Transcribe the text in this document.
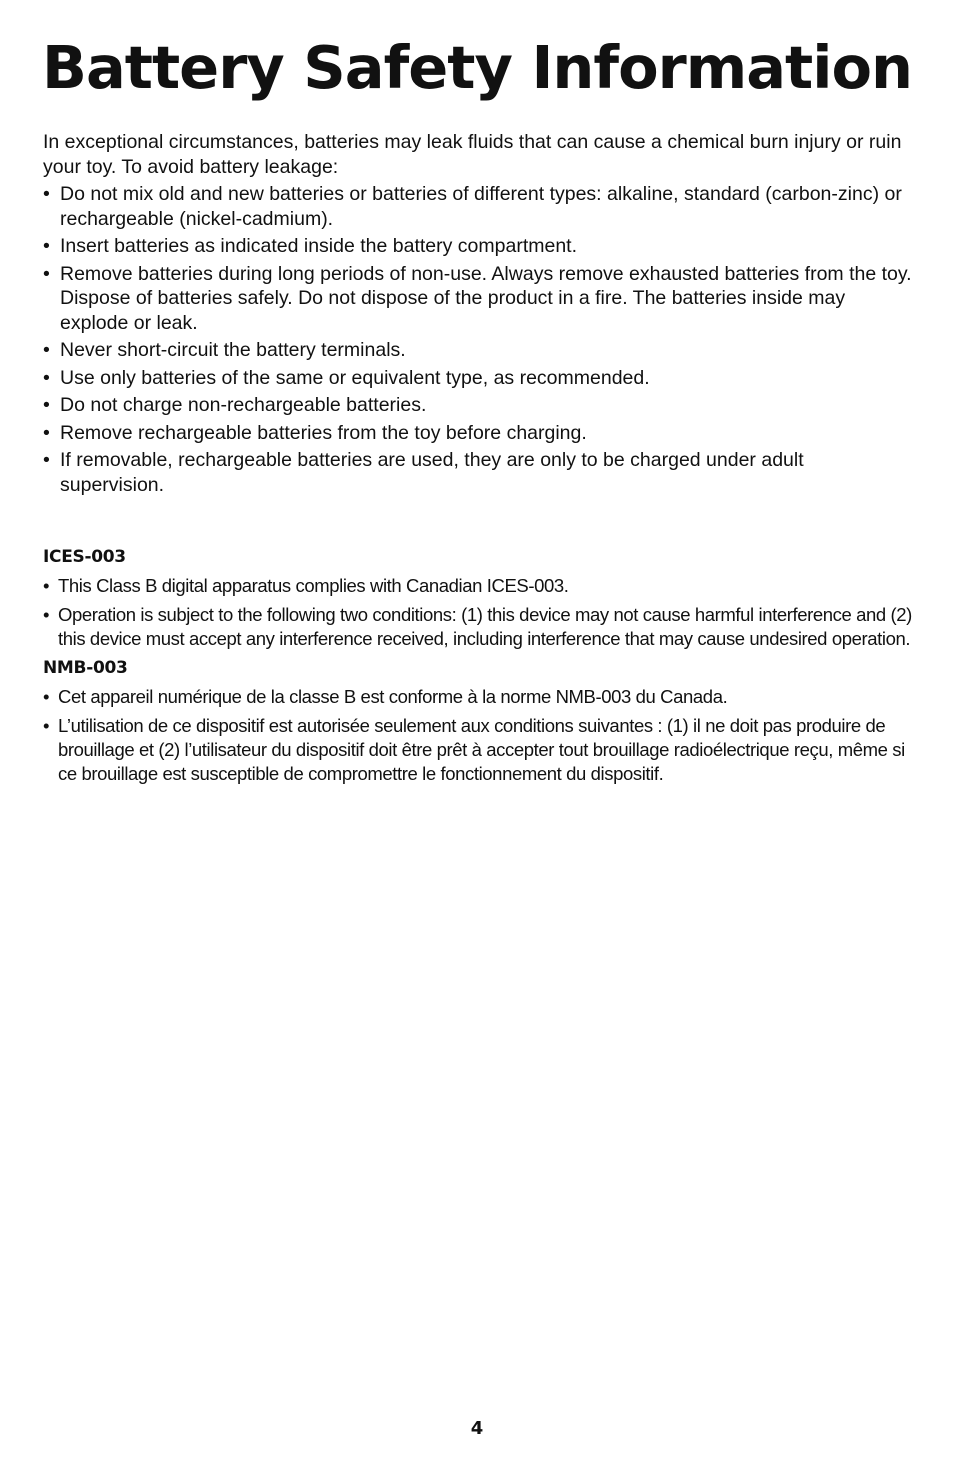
Battery Safety Information

In exceptional circumstances, batteries may leak fluids that can cause a chemical burn injury or ruin your toy. To avoid battery leakage:

• Do not mix old and new batteries or batteries of different types: alkaline, standard (carbon-zinc) or rechargeable (nickel-cadmium).
• Insert batteries as indicated inside the battery compartment.
• Remove batteries during long periods of non-use. Always remove exhausted batteries from the toy. Dispose of batteries safely. Do not dispose of the product in a fire. The batteries inside may explode or leak.
• Never short-circuit the battery terminals.
• Use only batteries of the same or equivalent type, as recommended.
• Do not charge non-rechargeable batteries.
• Remove rechargeable batteries from the toy before charging.
• If removable, rechargeable batteries are used, they are only to be charged under adult supervision.
ICES-003
• This Class B digital apparatus complies with Canadian ICES-003.
• Operation is subject to the following two conditions: (1) this device may not cause harmful interference and (2) this device must accept any interference received, including interference that may cause undesired operation.
NMB-003
• Cet appareil numérique de la classe B est conforme à la norme NMB-003 du Canada.
• L’utilisation de ce dispositif est autorisée seulement aux conditions suivantes : (1) il ne doit pas produire de brouillage et (2) l’utilisateur du dispositif doit être prêt à accepter tout brouillage radioélectrique reçu, même si ce brouillage est susceptible de compromettre le fonctionnement du dispositif.
4
